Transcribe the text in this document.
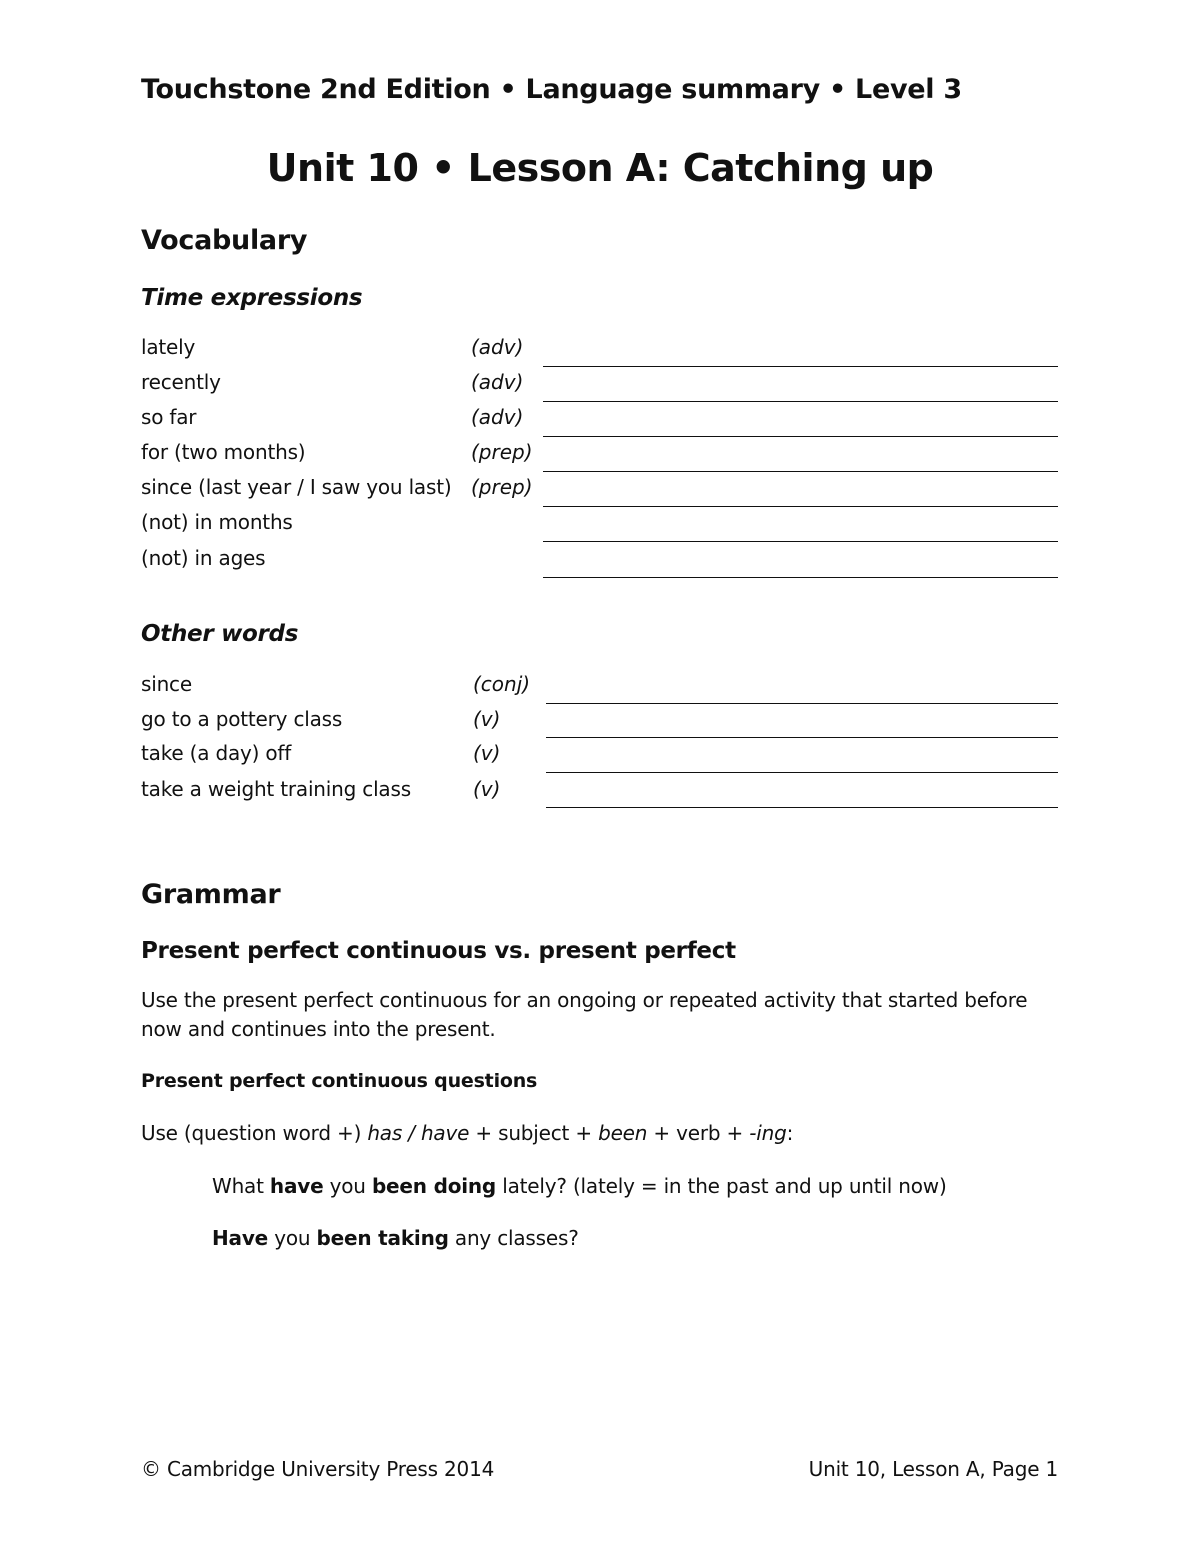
Touchstone 2nd Edition • Language summary • Level 3
Unit 10 • Lesson A: Catching up
Vocabulary
Time expressions
lately	(adv)
recently	(adv)
so far	(adv)
for (two months)	(prep)
since (last year / I saw you last) (prep)
(not) in months
(not) in ages
Other words
since	(conj)
go to a pottery class	(v)
take (a day) off	(v)
take a weight training class	(v)
Grammar
Present perfect continuous vs. present perfect
Use the present perfect continuous for an ongoing or repeated activity that started before now and continues into the present.
Present perfect continuous questions
Use (question word +) has / have + subject + been + verb + -ing:
What have you been doing lately? (lately = in the past and up until now)
Have you been taking any classes?
© Cambridge University Press 2014	Unit 10, Lesson A, Page 1
